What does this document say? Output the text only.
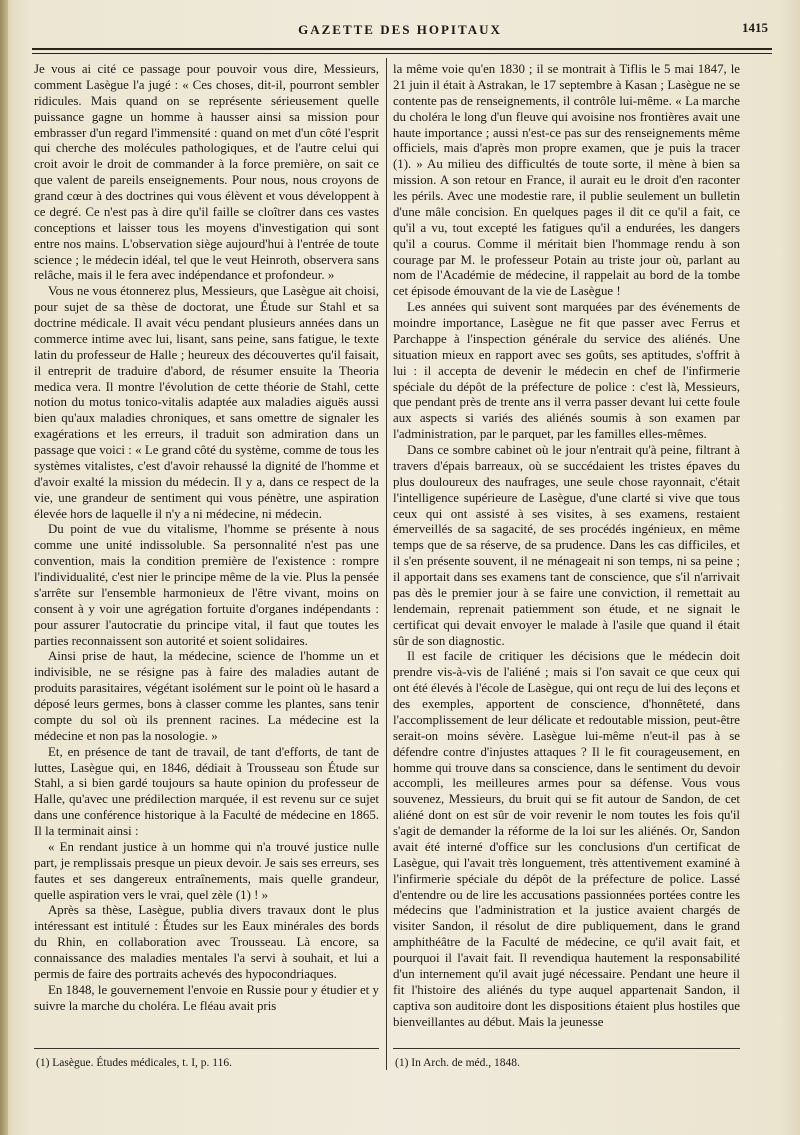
GAZETTE DES HOPITAUX	1415

Je vous ai cité ce passage pour pouvoir vous dire, Messieurs, comment Lasègue l'a jugé : « Ces choses, dit-il, pourront sembler ridicules. Mais quand on se représente sérieusement quelle puissance gagne un homme à hausser ainsi sa mission pour embrasser d'un regard l'immensité : quand on met d'un côté l'esprit qui cherche des molécules pathologiques, et de l'autre celui qui croit avoir le droit de commander à la force première, on sait ce que valent de pareils enseignements. Pour nous, nous croyons de grand cœur à des doctrines qui vous élèvent et vous développent à ce degré. Ce n'est pas à dire qu'il faille se cloîtrer dans ces vastes conceptions et laisser tous les moyens d'investigation qui sont entre nos mains. L'observation siège aujourd'hui à l'entrée de toute science ; le médecin idéal, tel que le veut Heinroth, observera sans relâche, mais il le fera avec indépendance et profondeur. »

Vous ne vous étonnerez plus, Messieurs, que Lasègue ait choisi, pour sujet de sa thèse de doctorat, une Étude sur Stahl et sa doctrine médicale. Il avait vécu pendant plusieurs années dans un commerce intime avec lui, lisant, sans peine, sans fatigue, le texte latin du professeur de Halle ; heureux des découvertes qu'il faisait, il entreprit de traduire d'abord, de résumer ensuite la Theoria medica vera. Il montre l'évolution de cette théorie de Stahl, cette notion du motus tonico-vitalis adaptée aux maladies aiguës aussi bien qu'aux maladies chroniques, et sans omettre de signaler les exagérations et les erreurs, il traduit son admiration dans un passage que voici : « Le grand côté du système, comme de tous les systèmes vitalistes, c'est d'avoir rehaussé la dignité de l'homme et d'avoir exalté la mission du médecin. Il y a, dans ce respect de la vie, une grandeur de sentiment qui vous pénètre, une aspiration élevée hors de laquelle il n'y a ni médecine, ni médecin.

Du point de vue du vitalisme, l'homme se présente à nous comme une unité indissoluble. Sa personnalité n'est pas une convention, mais la condition première de l'existence : rompre l'individualité, c'est nier le principe même de la vie. Plus la pensée s'arrête sur l'ensemble harmonieux de l'être vivant, moins on consent à y voir une agrégation fortuite d'organes indépendants : pour assurer l'autocratie du principe vital, il faut que toutes les parties reconnaissent son autorité et soient solidaires.

Ainsi prise de haut, la médecine, science de l'homme un et indivisible, ne se résigne pas à faire des maladies autant de produits parasitaires, végétant isolément sur le point où le hasard a déposé leurs germes, bons à classer comme les plantes, sans tenir compte du sol où ils prennent racines. La médecine est la médecine et non pas la nosologie. »

Et, en présence de tant de travail, de tant d'efforts, de tant de luttes, Lasègue qui, en 1846, dédiait à Trousseau son Étude sur Stahl, a si bien gardé toujours sa haute opinion du professeur de Halle, qu'avec une prédilection marquée, il est revenu sur ce sujet dans une conférence historique à la Faculté de médecine en 1865. Il la terminait ainsi :

« En rendant justice à un homme qui n'a trouvé justice nulle part, je remplissais presque un pieux devoir. Je sais ses erreurs, ses fautes et ses dangereux entraînements, mais quelle grandeur, quelle aspiration vers le vrai, quel zèle (1) ! »

Après sa thèse, Lasègue, publia divers travaux dont le plus intéressant est intitulé : Études sur les Eaux minérales des bords du Rhin, en collaboration avec Trousseau. Là encore, sa connaissance des maladies mentales l'a servi à souhait, et lui a permis de faire des portraits achevés des hypocondriaques.

En 1848, le gouvernement l'envoie en Russie pour y étudier et y suivre la marche du choléra. Le fléau avait pris

la même voie qu'en 1830 ; il se montrait à Tiflis le 5 mai 1847, le 21 juin il était à Astrakan, le 17 septembre à Kasan ; Lasègue ne se contente pas de renseignements, il contrôle lui-même. « La marche du choléra le long d'un fleuve qui avoisine nos frontières avait une haute importance ; aussi n'est-ce pas sur des renseignements même officiels, mais d'après mon propre examen, que je puis la tracer (1). » Au milieu des difficultés de toute sorte, il mène à bien sa mission. A son retour en France, il aurait eu le droit d'en raconter les périls. Avec une modestie rare, il publie seulement un bulletin d'une mâle concision. En quelques pages il dit ce qu'il a fait, ce qu'il a vu, tout excepté les fatigues qu'il a endurées, les dangers qu'il a courus. Comme il méritait bien l'hommage rendu à son courage par M. le professeur Potain au triste jour où, parlant au nom de l'Académie de médecine, il rappelait au bord de la tombe cet épisode émouvant de la vie de Lasègue !

Les années qui suivent sont marquées par des événements de moindre importance, Lasègue ne fit que passer avec Ferrus et Parchappe à l'inspection générale du service des aliénés. Une situation mieux en rapport avec ses goûts, ses aptitudes, s'offrit à lui : il accepta de devenir le médecin en chef de l'infirmerie spéciale du dépôt de la préfecture de police : c'est là, Messieurs, que pendant près de trente ans il verra passer devant lui cette foule aux aspects si variés des aliénés soumis à son examen par l'administration, par le parquet, par les familles elles-mêmes.

Dans ce sombre cabinet où le jour n'entrait qu'à peine, filtrant à travers d'épais barreaux, où se succédaient les tristes épaves du plus douloureux des naufrages, une seule chose rayonnait, c'était l'intelligence supérieure de Lasègue, d'une clarté si vive que tous ceux qui ont assisté à ses visites, à ses examens, restaient émerveillés de sa sagacité, de ses procédés ingénieux, en même temps que de sa réserve, de sa prudence. Dans les cas difficiles, et il s'en présente souvent, il ne ménageait ni son temps, ni sa peine ; il apportait dans ses examens tant de conscience, que s'il n'arrivait pas dès le premier jour à se faire une conviction, il remettait au lendemain, reprenait patiemment son étude, et ne signait le certificat qui devait envoyer le malade à l'asile que quand il était sûr de son diagnostic.

Il est facile de critiquer les décisions que le médecin doit prendre vis-à-vis de l'aliéné ; mais si l'on savait ce que ceux qui ont été élevés à l'école de Lasègue, qui ont reçu de lui des leçons et des exemples, apportent de conscience, d'honnêteté, dans l'accomplissement de leur délicate et redoutable mission, peut-être serait-on moins sévère. Lasègue lui-même n'eut-il pas à se défendre contre d'injustes attaques ? Il le fit courageusement, en homme qui trouve dans sa conscience, dans le sentiment du devoir accompli, les meilleures armes pour sa défense. Vous vous souvenez, Messieurs, du bruit qui se fit autour de Sandon, de cet aliéné dont on est sûr de voir revenir le nom toutes les fois qu'il s'agit de demander la réforme de la loi sur les aliénés. Or, Sandon avait été interné d'office sur les conclusions d'un certificat de Lasègue, qui l'avait très longuement, très attentivement examiné à l'infirmerie spéciale du dépôt de la préfecture de police. Lassé d'entendre ou de lire les accusations passionnées portées contre les médecins que l'administration et la justice avaient chargés de visiter Sandon, il résolut de dire publiquement, dans le grand amphithéâtre de la Faculté de médecine, ce qu'il avait fait, et pourquoi il l'avait fait. Il revendiqua hautement la responsabilité d'un internement qu'il avait jugé nécessaire. Pendant une heure il fit l'histoire des aliénés du type auquel appartenait Sandon, il captiva son auditoire dont les dispositions étaient plus hostiles que bienveillantes au début. Mais la jeunesse

(1) Lasègue. Études médicales, t. I, p. 116.	(1) In Arch. de méd., 1848.
